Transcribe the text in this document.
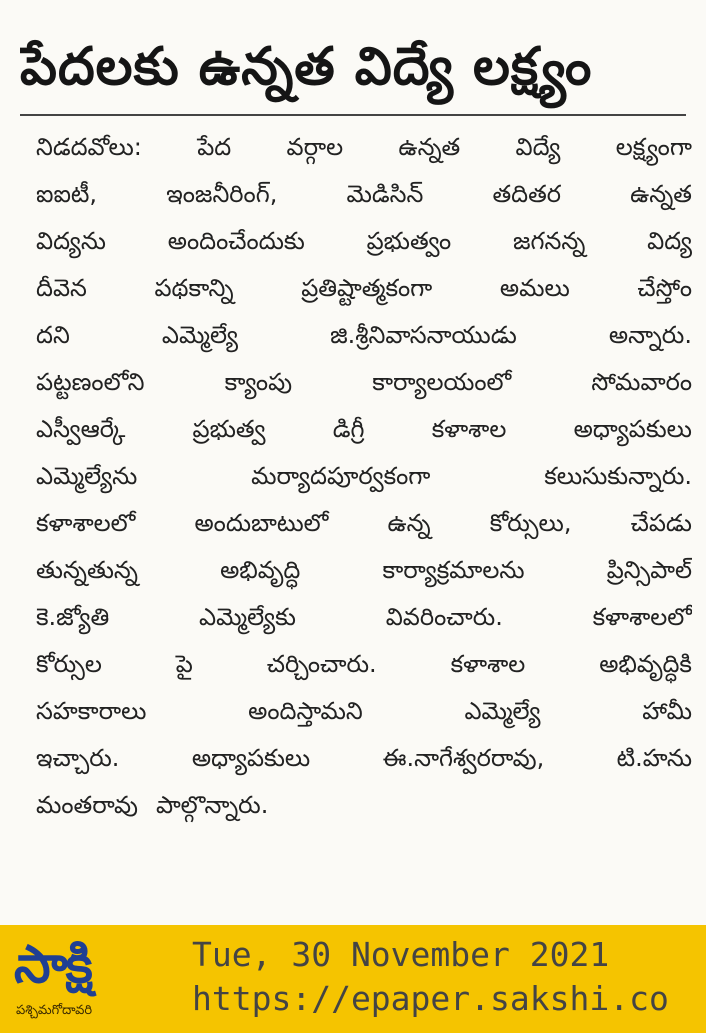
పేదలకు ఉన్నత విద్యే లక్ష్యం
నిడదవోలు: పేద వర్గాల ఉన్నత విద్యే లక్ష్యంగా
ఐఐటీ,	ఇంజనీరింగ్,	మెడిసిన్	తదితర	ఉన్నత
విద్యను	అందించేందుకు	ప్రభుత్వం	జగనన్న	విద్య
దీవెన	పథకాన్ని	ప్రతిష్టాత్మకంగా	అమలు	చేస్తోం
దని	ఎమ్మెల్యే	జి.శ్రీనివాసనాయుడు	అన్నారు.
పట్టణంలోని	క్యాంపు	కార్యాలయంలో	సోమవారం
ఎస్వీఆర్కే	ప్రభుత్వ	డిగ్రీ	కళాశాల	అధ్యాపకులు
ఎమ్మెల్యేను	మర్యాదపూర్వకంగా	కలుసుకున్నారు.
కళాశాలలో అందుబాటులో ఉన్న కోర్సులు, చేపడు
తున్నతున్న	అభివృద్ధి	కార్యాక్రమాలను	ప్రిన్సిపాల్
కె.జ్యోతి	ఎమ్మెల్యేకు	వివరించారు.	కళాశాలలో
కోర్సుల	పై	చర్చించారు.	కళాశాల	అభివృద్ధికి
సహకారాలు	అందిస్తామని	ఎమ్మెల్యే	హామీ
ఇచ్చారు.	అధ్యాపకులు	ఈ.నాగేశ్వరరావు,	టి.హను
మంతరావు పాల్గొన్నారు.
సాక్షి
పశ్చిమగోదావరి
Tue, 30 November 2021
https://epaper.sakshi.co
